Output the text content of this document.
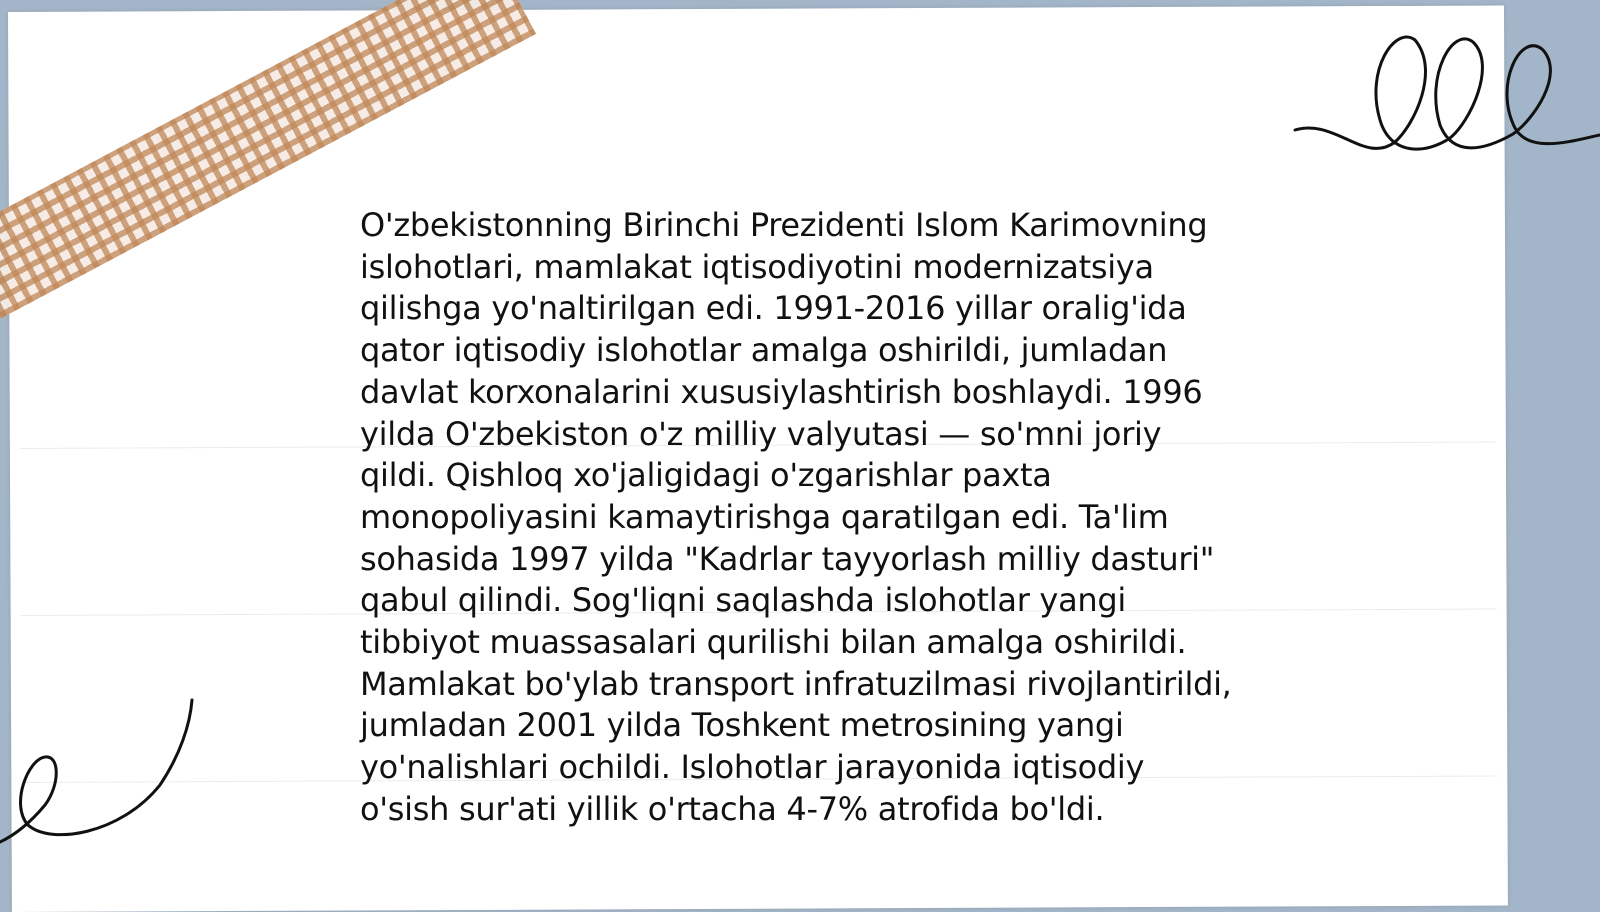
O'zbekistonning Birinchi Prezidenti Islom Karimovning islohotlari, mamlakat iqtisodiyotini modernizatsiya qilishga yo'naltirilgan edi. 1991-2016 yillar oralig'ida qator iqtisodiy islohotlar amalga oshirildi, jumladan davlat korxonalarini xususiylashtirish boshlaydi. 1996 yilda O'zbekiston o'z milliy valyutasi — so'mni joriy qildi. Qishloq xo'jaligidagi o'zgarishlar paxta monopoliyasini kamaytirishga qaratilgan edi. Ta'lim sohasida 1997 yilda "Kadrlar tayyorlash milliy dasturi" qabul qilindi. Sog'liqni saqlashda islohotlar yangi tibbiyot muassasalari qurilishi bilan amalga oshirildi. Mamlakat bo'ylab transport infratuzilmasi rivojlantirildi, jumladan 2001 yilda Toshkent metrosining yangi yo'nalishlari ochildi. Islohotlar jarayonida iqtisodiy o'sish sur'ati yillik o'rtacha 4-7% atrofida bo'ldi.
